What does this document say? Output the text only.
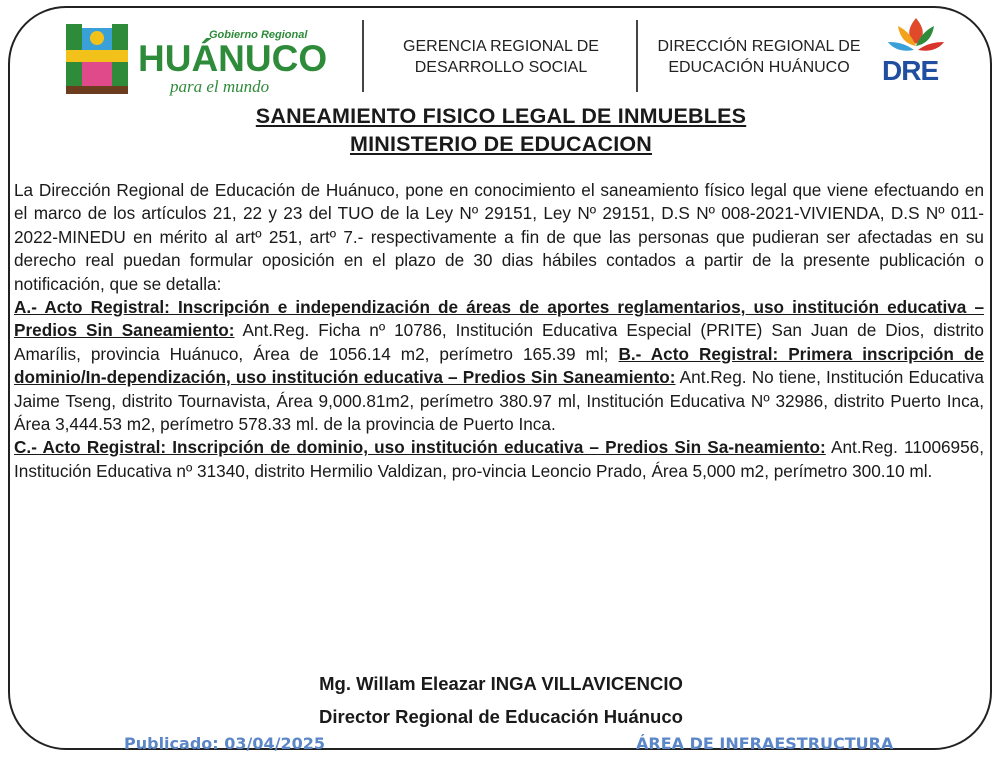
Gobierno Regional
HUÁNUCO
para el mundo
GERENCIA REGIONAL DE
DESARROLLO SOCIAL
DIRECCIÓN REGIONAL DE
EDUCACIÓN HUÁNUCO	DRE
SANEAMIENTO FISICO LEGAL DE INMUEBLES
MINISTERIO DE EDUCACION

La Dirección Regional de Educación de Huánuco, pone en conocimiento el saneamiento físico legal que viene efectuando en el marco de los artículos 21, 22 y 23 del TUO de la Ley Nº 29151, Ley Nº 29151, D.S Nº 008-2021-VIVIENDA, D.S Nº 011-2022-MINEDU en mérito al artº 251, artº 7.- respectivamente a fin de que las personas que pudieran ser afectadas en su derecho real puedan formular oposición en el plazo de 30 dias hábiles contados a partir de la presente publicación o notificación, que se detalla:

A.- Acto Registral: Inscripción e independización de áreas de aportes reglamentarios, uso institución educativa – Predios Sin Saneamiento: Ant.Reg. Ficha nº 10786, Institución Educativa Especial (PRITE) San Juan de Dios, distrito Amarílis, provincia Huánuco, Área de 1056.14 m2, perímetro 165.39 ml; B.- Acto Registral: Primera inscripción de dominio/In-dependización, uso institución educativa – Predios Sin Saneamiento: Ant.Reg. No tiene, Institución Educativa Jaime Tseng, distrito Tournavista, Área 9,000.81m2, perímetro 380.97 ml, Institución Educativa Nº 32986, distrito Puerto Inca, Área 3,444.53 m2, perímetro 578.33 ml. de la provincia de Puerto Inca.

C.- Acto Registral: Inscripción de dominio, uso institución educativa – Predios Sin Sa-neamiento: Ant.Reg. 11006956, Institución Educativa nº 31340, distrito Hermilio Valdizan, pro-vincia Leoncio Prado, Área 5,000 m2, perímetro 300.10 ml.

Mg. Willam Eleazar INGA VILLAVICENCIO
Director Regional de Educación Huánuco
Publicado: 03/04/2025	ÁREA DE INFRAESTRUCTURA
